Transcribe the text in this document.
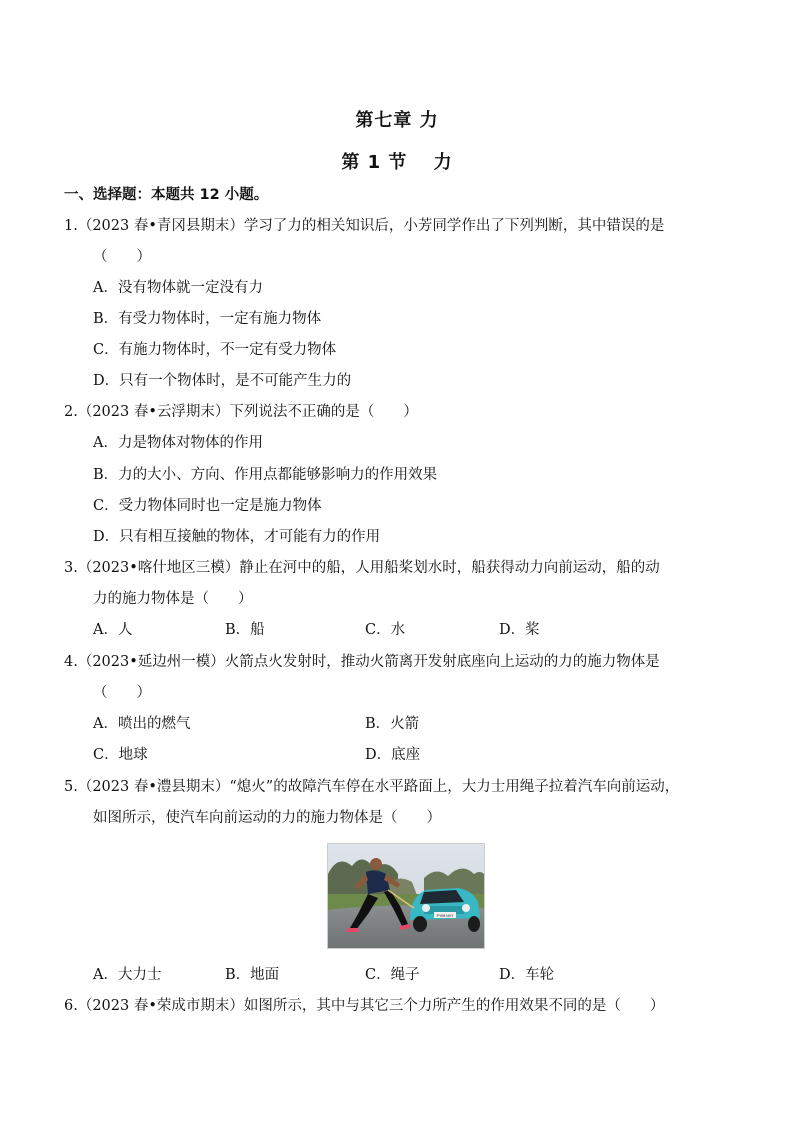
第七章 力
第 1 节　 力
一、选择题：本题共 12 小题。
1.（2023 春•青冈县期末）学习了力的相关知识后，小芳同学作出了下列判断，其中错误的是
（　　）
A．没有物体就一定没有力
B．有受力物体时，一定有施力物体
C．有施力物体时，不一定有受力物体
D．只有一个物体时，是不可能产生力的
2.（2023 春•云浮期末）下列说法不正确的是（　　）
A．力是物体对物体的作用
B．力的大小、方向、作用点都能够影响力的作用效果
C．受力物体同时也一定是施力物体
D．只有相互接触的物体，才可能有力的作用
3.（2023•喀什地区三模）静止在河中的船，人用船桨划水时，船获得动力向前运动，船的动
力的施力物体是（　　）
A．人	B．船	C．水	D．桨
4.（2023•延边州一模）火箭点火发射时，推动火箭离开发射底座向上运动的力的施力物体是
（　　）
A．喷出的燃气	B．火箭
C．地球	D．底座
5.（2023 春•澧县期末）“熄火”的故障汽车停在水平路面上，大力士用绳子拉着汽车向前运动，
如图所示，使汽车向前运动的力的施力物体是（　　）
PY08 NXY
A．大力士	B．地面	C．绳子	D．车轮
6.（2023 春•荣成市期末）如图所示，其中与其它三个力所产生的作用效果不同的是（　　）
